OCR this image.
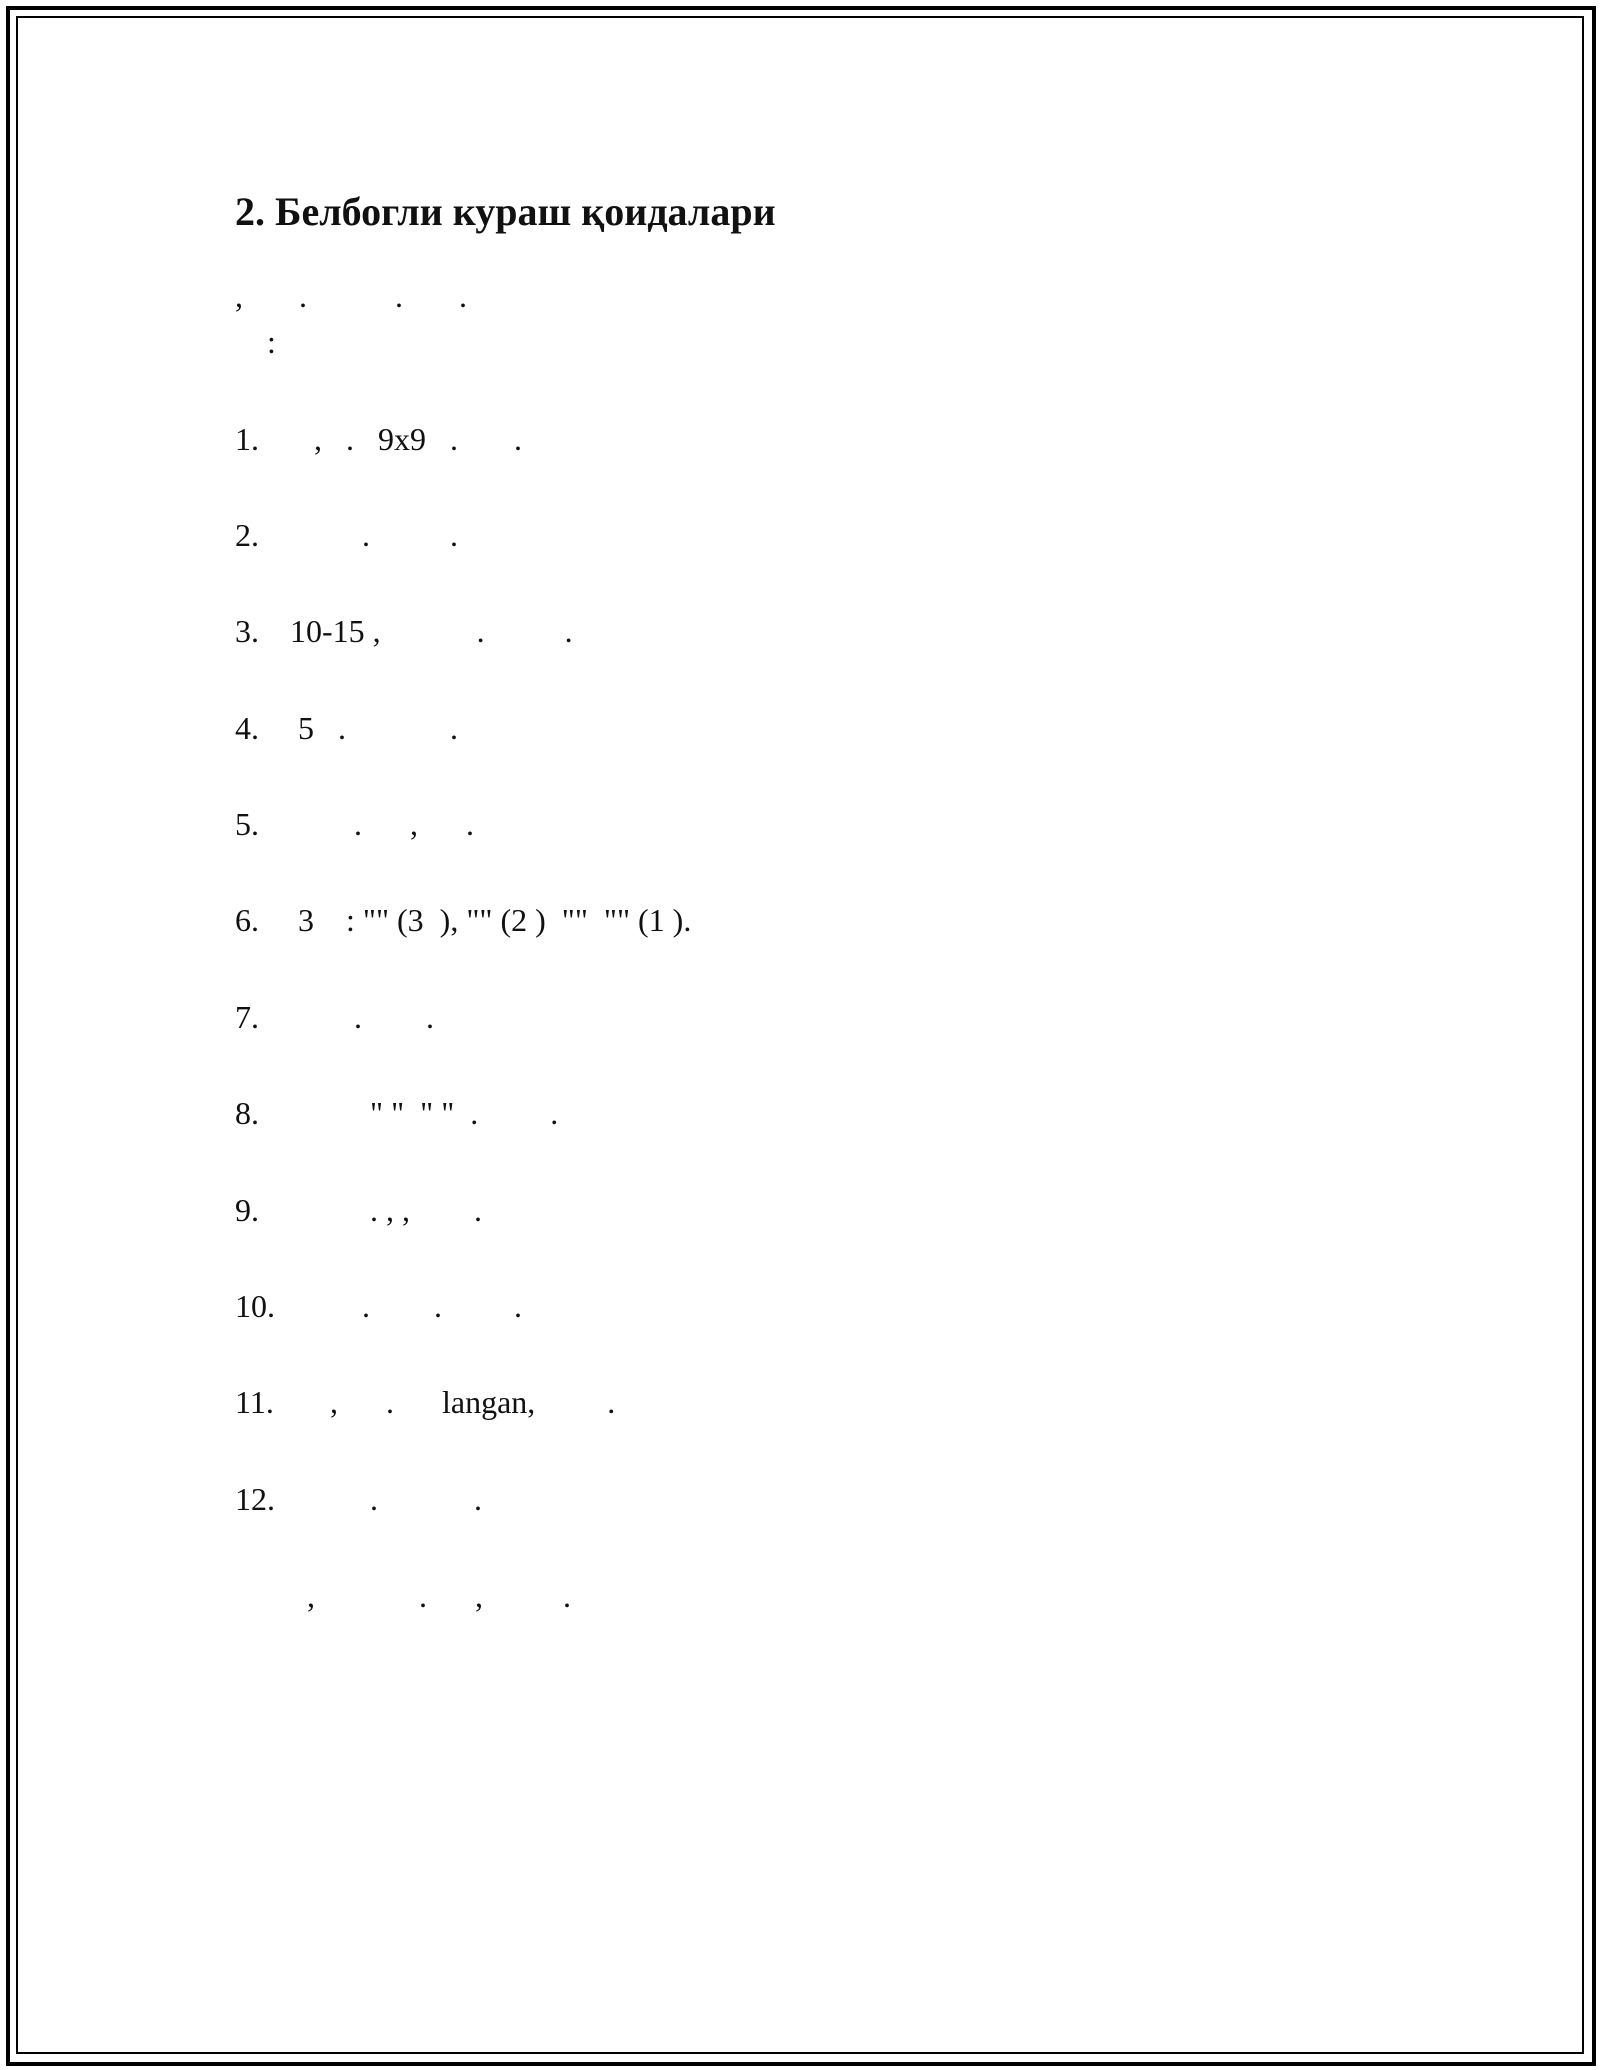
2. Белбогли кураш қоидалари

,       .           .       .

:

1.   ,   .   9x9   .       .

2.         .          .

3. 10-15 ,            .          .

4. 5   .             .

5.        .      ,      .

6. 3    : "" (3  ), "" (2 )  ""  "" (1 ).

7.        .        .

8.          " "  " "  .         .

9.          . , ,        .

10.         .        .         .

11.     ,      .      langan,         .

12.          .            .

,             .      ,          .
